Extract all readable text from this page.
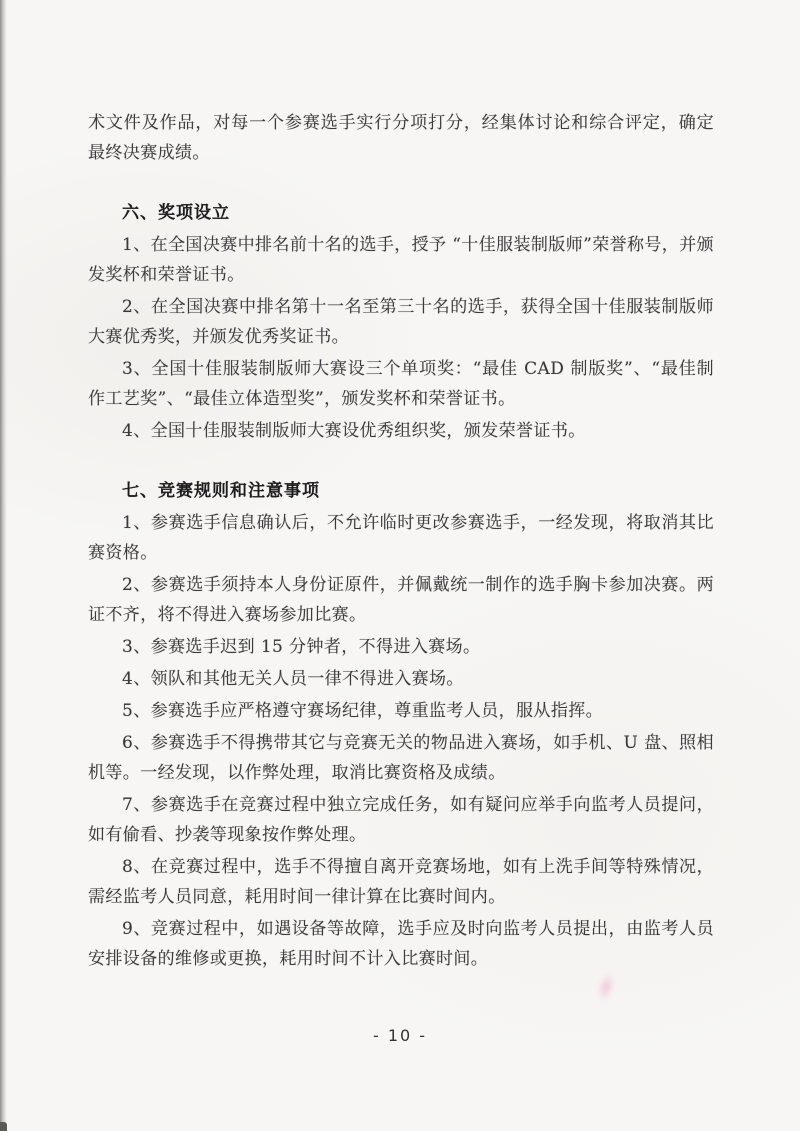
术文件及作品，对每一个参赛选手实行分项打分，经集体讨论和综合评定，确定最终决赛成绩。

六、奖项设立

1、在全国决赛中排名前十名的选手，授予 “十佳服装制版师”荣誉称号，并颁发奖杯和荣誉证书。

2、在全国决赛中排名第十一名至第三十名的选手，获得全国十佳服装制版师大赛优秀奖，并颁发优秀奖证书。

3、全国十佳服装制版师大赛设三个单项奖：“最佳 CAD 制版奖”、“最佳制作工艺奖”、“最佳立体造型奖”，颁发奖杯和荣誉证书。

4、全国十佳服装制版师大赛设优秀组织奖，颁发荣誉证书。

七、竞赛规则和注意事项

1、参赛选手信息确认后，不允许临时更改参赛选手，一经发现，将取消其比赛资格。

2、参赛选手须持本人身份证原件，并佩戴统一制作的选手胸卡参加决赛。两证不齐，将不得进入赛场参加比赛。

3、参赛选手迟到 15 分钟者，不得进入赛场。

4、领队和其他无关人员一律不得进入赛场。

5、参赛选手应严格遵守赛场纪律，尊重监考人员，服从指挥。

6、参赛选手不得携带其它与竞赛无关的物品进入赛场，如手机、U 盘、照相机等。一经发现，以作弊处理，取消比赛资格及成绩。

7、参赛选手在竞赛过程中独立完成任务，如有疑问应举手向监考人员提问，如有偷看、抄袭等现象按作弊处理。

8、在竞赛过程中，选手不得擅自离开竞赛场地，如有上洗手间等特殊情况，需经监考人员同意，耗用时间一律计算在比赛时间内。

9、竞赛过程中，如遇设备等故障，选手应及时向监考人员提出，由监考人员安排设备的维修或更换，耗用时间不计入比赛时间。

- 10 -
